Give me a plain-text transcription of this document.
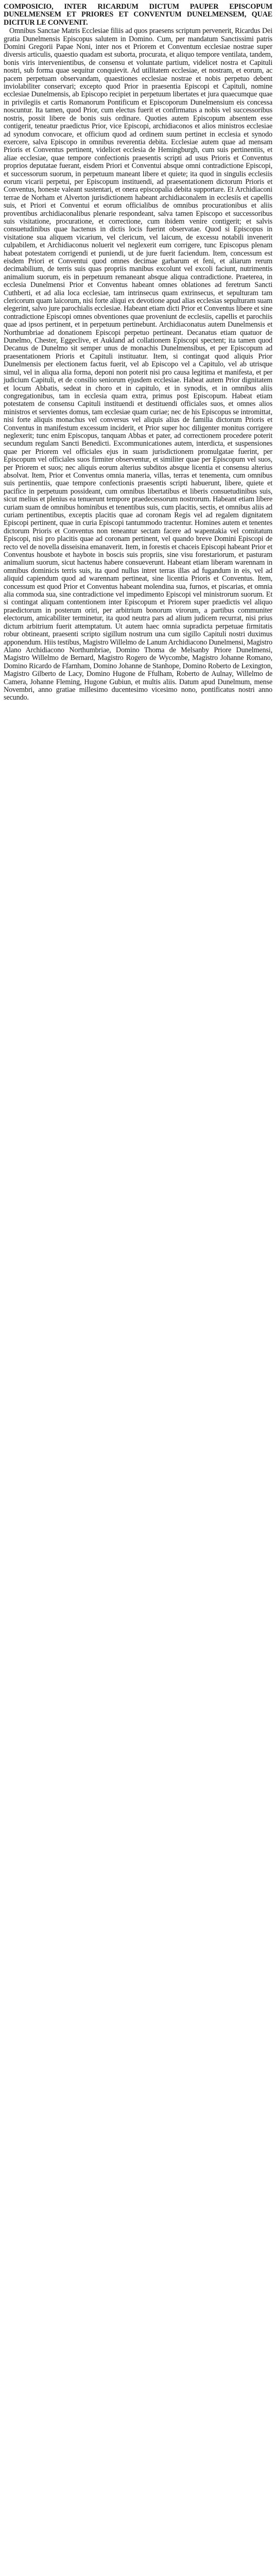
COMPOSICIO, INTER RICARDUM DICTUM PAUPER EPISCOPUM DUNELMENSEM ET PRIORES ET CONVENTUM DUNELMENSEM, QUAE DICITUR LE CONVENIT.

Omnibus Sanctae Matris Ecclesiae filiis ad quos praesens scriptum pervenerit, Ricardus Dei gratia Dunelmensis Episcopus salutem in Domino. Cum, per mandatum Sanctissimi patris Domini Gregorii Papae Noni, inter nos et Priorem et Conventum ecclesiae nostrae super diversis articulis, quaestio quadam est suborta, procurata, et aliquo tempore ventilata, tandem, bonis viris intervenientibus, de consensu et voluntate partium, videlicet nostra et Capituli nostri, sub forma quae sequitur conquievit. Ad utilitatem ecclesiae, et nostram, et eorum, ac pacem perpetuam observandam, quaestiones ecclesiae nostrae et nobis perpetuo debent inviolabiliter conservari; excepto quod Prior in praesentia Episcopi et Capituli, nomine ecclesiae Dunelmensis, ab Episcopo recipiet in perpetuum libertates et jura quaecumque quae in privilegiis et cartis Romanorum Pontificum et Episcoporum Dunelmensium eis concessa noscuntur. Ita tamen, quod Prior, cum electus fuerit et confirmatus a nobis vel successoribus nostris, possit libere de bonis suis ordinare. Quoties autem Episcopum absentem esse contigerit, teneatur praedictus Prior, vice Episcopi, archidiaconos et alios ministros ecclesiae ad synodum convocare, et officium quod ad ordinem suum pertinet in ecclesia et synodo exercere, salva Episcopo in omnibus reverentia debita. Ecclesiae autem quae ad mensam Prioris et Conventus pertinent, videlicet ecclesia de Hemingburgh, cum suis pertinentiis, et aliae ecclesiae, quae tempore confectionis praesentis scripti ad usus Prioris et Conventus proprios deputatae fuerant, eisdem Priori et Conventui absque omni contradictione Episcopi, et successorum suorum, in perpetuum maneant libere et quiete; ita quod in singulis ecclesiis eorum vicarii perpetui, per Episcopum instituendi, ad praesentationem dictorum Prioris et Conventus, honeste valeant sustentari, et onera episcopalia debita supportare. Et Archidiaconi terrae de Norham et Alverton jurisdictionem habeant archidiaconalem in ecclesiis et capellis suis, et Priori et Conventui et eorum officialibus de omnibus procurationibus et aliis proventibus archidiaconalibus plenarie respondeant, salva tamen Episcopo et successoribus suis visitatione, procuratione, et correctione, cum ibidem venire contigerit; et salvis consuetudinibus quae hactenus in dictis locis fuerint observatae. Quod si Episcopus in visitatione sua aliquem vicarium, vel clericum, vel laicum, de excessu notabili invenerit culpabilem, et Archidiaconus noluerit vel neglexerit eum corrigere, tunc Episcopus plenam habeat potestatem corrigendi et puniendi, ut de jure fuerit faciendum. Item, concessum est eisdem Priori et Conventui quod omnes decimae garbarum et feni, et aliarum rerum decimabilium, de terris suis quas propriis manibus excolunt vel excoli faciunt, nutrimentis animalium suorum, eis in perpetuum remaneant absque aliqua contradictione. Praeterea, in ecclesia Dunelmensi Prior et Conventus habeant omnes oblationes ad feretrum Sancti Cuthberti, et ad alia loca ecclesiae, tam intrinsecus quam extrinsecus, et sepulturam tam clericorum quam laicorum, nisi forte aliqui ex devotione apud alias ecclesias sepulturam suam elegerint, salvo jure parochialis ecclesiae. Habeant etiam dicti Prior et Conventus libere et sine contradictione Episcopi omnes obventiones quae proveniunt de ecclesiis, capellis et parochiis quae ad ipsos pertinent, et in perpetuum pertinebunt. Archidiaconatus autem Dunelmensis et Northumbriae ad donationem Episcopi perpetuo pertineant. Decanatus etiam quatuor de Dunelmo, Chester, Eggeclive, et Aukland ad collationem Episcopi spectent; ita tamen quod Decanus de Dunelmo sit semper unus de monachis Dunelmensibus, et per Episcopum ad praesentationem Prioris et Capituli instituatur. Item, si contingat quod aliquis Prior Dunelmensis per electionem factus fuerit, vel ab Episcopo vel a Capitulo, vel ab utrisque simul, vel in aliqua alia forma, deponi non poterit nisi pro causa legitima et manifesta, et per judicium Capituli, et de consilio seniorum ejusdem ecclesiae. Habeat autem Prior dignitatem et locum Abbatis, sedeat in choro et in capitulo, et in synodis, et in omnibus aliis congregationibus, tam in ecclesia quam extra, primus post Episcopum. Habeat etiam potestatem de consensu Capituli instituendi et destituendi officiales suos, et omnes alios ministros et servientes domus, tam ecclesiae quam curiae; nec de his Episcopus se intromittat, nisi forte aliquis monachus vel conversus vel aliquis alius de familia dictorum Prioris et Conventus in manifestum excessum inciderit, et Prior super hoc diligenter monitus corrigere neglexerit; tunc enim Episcopus, tanquam Abbas et pater, ad correctionem procedere poterit secundum regulam Sancti Benedicti. Excommunicationes autem, interdicta, et suspensiones quae per Priorem vel officiales ejus in suam jurisdictionem promulgatae fuerint, per Episcopum vel officiales suos firmiter observentur, et similiter quae per Episcopum vel suos, per Priorem et suos; nec aliquis eorum alterius subditos absque licentia et consensu alterius absolvat. Item, Prior et Conventus omnia maneria, villas, terras et tenementa, cum omnibus suis pertinentiis, quae tempore confectionis praesentis scripti habuerunt, libere, quiete et pacifice in perpetuum possideant, cum omnibus libertatibus et liberis consuetudinibus suis, sicut melius et plenius ea tenuerunt tempore praedecessorum nostrorum. Habeant etiam libere curiam suam de omnibus hominibus et tenentibus suis, cum placitis, sectis, et omnibus aliis ad curiam pertinentibus, exceptis placitis quae ad coronam Regis vel ad regalem dignitatem Episcopi pertinent, quae in curia Episcopi tantummodo tractentur. Homines autem et tenentes dictorum Prioris et Conventus non teneantur sectam facere ad wapentakia vel comitatum Episcopi, nisi pro placitis quae ad coronam pertinent, vel quando breve Domini Episcopi de recto vel de novella disseisina emanaverit. Item, in forestis et chaceis Episcopi habeant Prior et Conventus housbote et haybote in boscis suis propriis, sine visu forestariorum, et pasturam animalium suorum, sicut hactenus habere consueverunt. Habeant etiam liberam warennam in omnibus dominicis terris suis, ita quod nullus intret terras illas ad fugandum in eis, vel ad aliquid capiendum quod ad warennam pertineat, sine licentia Prioris et Conventus. Item, concessum est quod Prior et Conventus habeant molendina sua, furnos, et piscarias, et omnia alia commoda sua, sine contradictione vel impedimento Episcopi vel ministrorum suorum. Et si contingat aliquam contentionem inter Episcopum et Priorem super praedictis vel aliquo praedictorum in posterum oriri, per arbitrium bonorum virorum, a partibus communiter electorum, amicabiliter terminetur, ita quod neutra pars ad alium judicem recurrat, nisi prius dictum arbitrium fuerit attemptatum. Ut autem haec omnia supradicta perpetuae firmitatis robur obtineant, praesenti scripto sigillum nostrum una cum sigillo Capituli nostri duximus apponendum. Hiis testibus, Magistro Willelmo de Lanum Archidiacono Dunelmensi, Magistro Alano Archidiacono Northumbriae, Domino Thoma de Melsanby Priore Dunelmensi, Magistro Willelmo de Bernard, Magistro Rogero de Wycombe, Magistro Johanne Romano, Domino Ricardo de Ffarnham, Domino Johanne de Stanhope, Domino Roberto de Lexington, Magistro Gilberto de Lacy, Domino Hugone de Ffulham, Roberto de Aulnay, Willelmo de Camera, Johanne Fleming, Hugone Gubiun, et multis aliis. Datum apud Dunelmum, mense Novembri, anno gratiae millesimo ducentesimo vicesimo nono, pontificatus nostri anno secundo.
